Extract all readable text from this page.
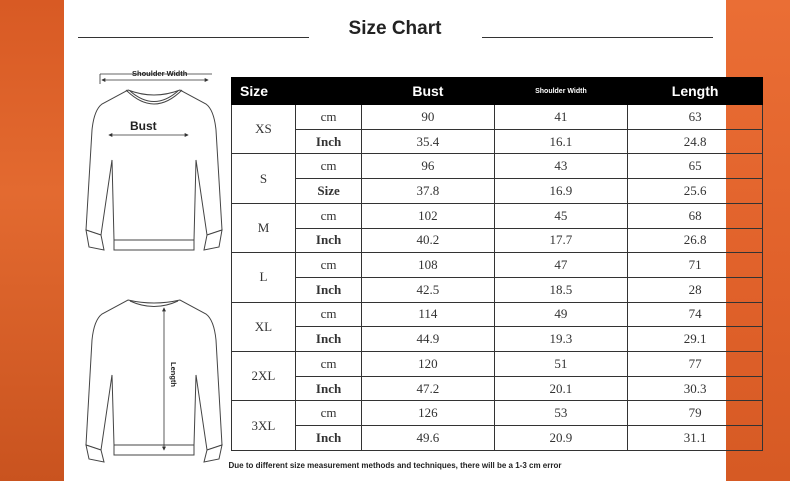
Size Chart
Shoulder Width
Bust
Length
Size		Bust	Shoulder Width	Length
XS	cm	90	41	63
	Inch	35.4	16.1	24.8
S	cm	96	43	65
	Size	37.8	16.9	25.6
M	cm	102	45	68
	Inch	40.2	17.7	26.8
L	cm	108	47	71
	Inch	42.5	18.5	28
XL	cm	114	49	74
	Inch	44.9	19.3	29.1
2XL	cm	120	51	77
	Inch	47.2	20.1	30.3
3XL	cm	126	53	79
	Inch	49.6	20.9	31.1
Due to different size measurement methods and techniques, there will be a 1-3 cm error
